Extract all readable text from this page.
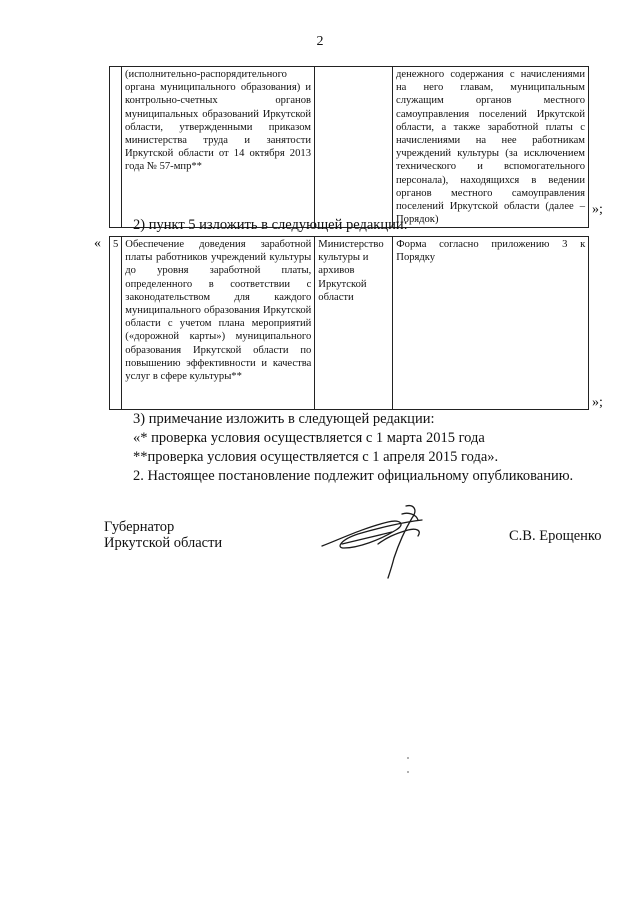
2
	(исполнительно-распорядительного органа муниципального образования) и контрольно-счетных органов муниципальных образований Иркутской области, утвержденными приказом министерства труда и занятости Иркутской области от 14 октября 2013 года № 57-мпр**		денежного содержания с начислениями на него главам, муниципальным служащим органов местного самоуправления поселений Иркутской области, а также заработной платы с начислениями на нее работникам учреждений культуры (за исключением технического и вспомогательного персонала), находящихся в ведении органов местного самоуправления поселений Иркутской области (далее – Порядок)
»;
2) пункт 5 изложить в следующей редакции:
« 5	Обеспечение доведения заработной платы работников учреждений культуры до уровня заработной платы, определенного в соответствии с законодательством для каждого муниципального образования Иркутской области с учетом плана мероприятий («дорожной карты») муниципального образования Иркутской области по повышению эффективности и качества услуг в сфере культуры**	Министерство культуры и архивов Иркутской области	Форма согласно приложению 3 к Порядку
»;
3) примечание изложить в следующей редакции:
«* проверка условия осуществляется с 1 марта 2015 года
**проверка условия осуществляется с 1 апреля 2015 года».
2. Настоящее постановление подлежит официальному опубликованию.
Губернатор
Иркутской области	С.В. Ерощенко
